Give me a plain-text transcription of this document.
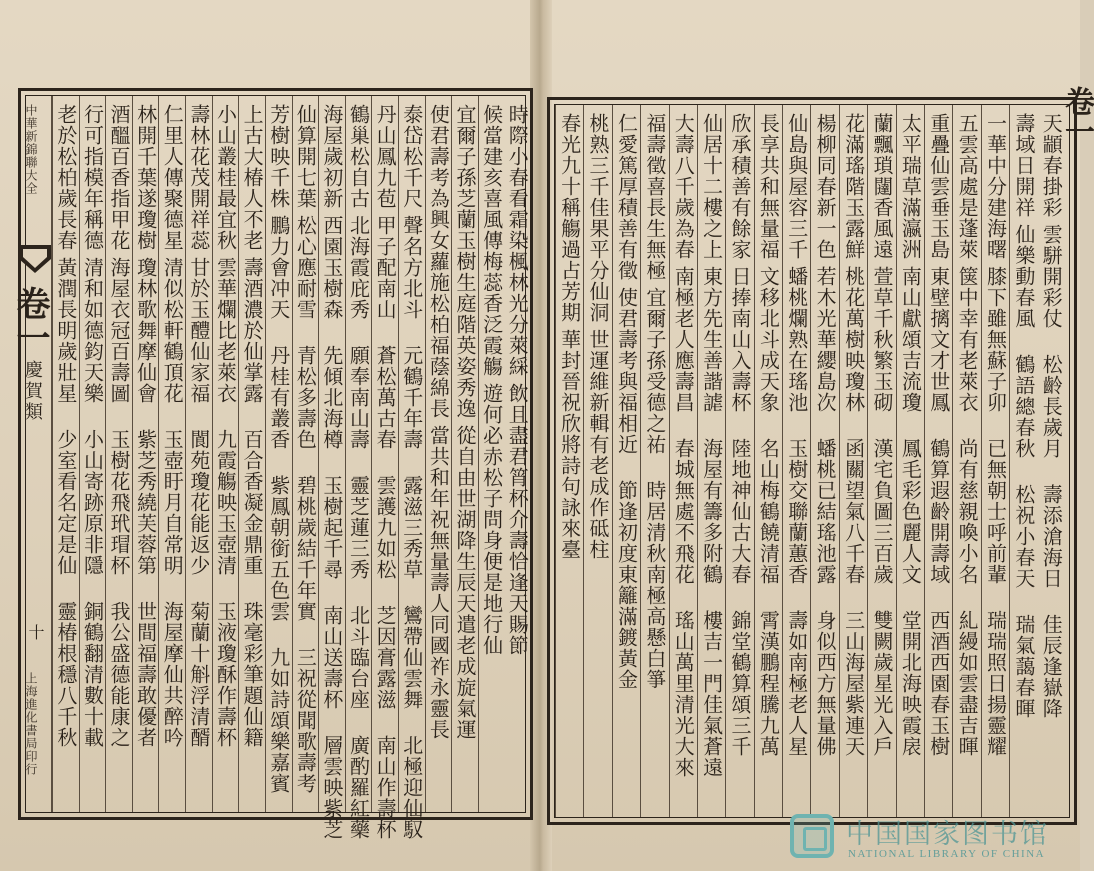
中華新錦聯大全
卷一
慶賀類
十
上海進化書局印行
卷一
天顓春掛彩
雲駢開彩仗 松齡長歲月 壽添滄海日 佳辰逢嶽降
壽域日開祥
仙樂動春風 鶴語總春秋 松祝小春天 瑞氣藹春暉
一華中分建海曙
膝下雖無蘇子卯 已無朝士呼前輩 瑞瑞照日揚靈耀
五雲高處是蓬萊
箧中幸有老萊衣 尚有慈親喚小名 糺縵如雲盡吉暉
重疊仙雲垂玉島
東壁摛文才世鳳 鶴算遐齡開壽域 西酒西園春玉樹
太平瑞草滿瀛洲
南山獻頌吉流瓊 鳳毛彩色麗人文 堂開北海映霞扆
蘭飄瑣闥香風遠
萱草千秋繁玉砌 漢宅負圖三百歲 雙闕歲星光入戶
花滿瑤階玉露鮮
桃花萬樹映瓊林 函關望氣八千春 三山海屋紫連天
楊柳同春新一色
若木光華纓島次 蟠桃已結瑤池露 身似西方無量佛
仙島與屋容三千
蟠桃爛熟在瑤池 玉樹交聯蘭蕙香 壽如南極老人星
長享共和無量福
文移北斗成天象 名山梅鶴饒清福 霄漢鵬程騰九萬
欣承積善有餘家
日捧南山入壽杯 陸地神仙古大春 錦堂鶴算頌三千
仙居十二樓之上
東方先生善諧謔 海屋有籌多附鶴 樓吉一門佳氣蒼遠
大壽八千歲為春
南極老人應壽昌 春城無處不飛花 瑤山萬里清光大來
福壽徵喜長生無極
宜爾子孫受德之祐 時居清秋南極高懸白箏
仁愛篤厚積善有徵
使君壽考與福相近 節逢初度東籬滿鍍黃金
桃熟三千佳果平分仙洞
世運維新輯有老成作砥柱
春光九十稱觴過占芳期
華封晉祝欣將詩句詠來臺
時際小春看霜染楓林光分萊綵
飲且盡君筲杯介壽恰逢天賜節
候當建亥喜風傳梅蕊香泛霞觴
遊何必赤松子問身便是地行仙
宜爾子孫芝蘭玉樹生庭階英姿秀逸
從自由世湖降生辰天遣老成旋氣運
使君壽考為興女蘿施松柏福蔭綿長
當共和年祝無量壽人同國祚永靈長
泰岱松千尺
聲名方北斗 元鶴千年壽 露滋三秀草 鸞帶仙雲舞 北極迎仙馭
丹山鳳九苞
甲子配南山 蒼松萬古春 雲護九如松 芝因膏露滋 南山作壽杯
鶴巢松自古
北海霞庇秀 願奉南山壽 靈芝蓮三秀 北斗臨台座 廣酌羅紅藥
海屋歲初新
西園玉樹森 先傾北海樽 玉樹起千尋 南山送壽杯 層雲映紫芝
仙算開七葉
松心應耐雪 青松多壽色 碧桃歲結千年實 三祝從聞歌壽考
芳樹映千株
鵬力會冲天 丹桂有叢香 紫鳳朝銜五色雲 九如詩頌樂嘉賓
上古大椿人不老
壽酒濃於仙掌露 百合香凝金鼎重 珠毫彩筆題仙籍
小山叢桂最宜秋
雲華爛比老萊衣 九霞觴映玉壺清 玉液瓊酥作壽杯
壽林花茂開祥蕊
甘於玉醴仙家福 閬苑瓊花能返少 菊蘭十斛浮清醑
仁里人傳聚德星
清似松軒鶴頂花 玉壺盱月自常明 海屋摩仙共醉吟
林開千葉遂瓊樹
瓊林歌舞摩仙會 紫芝秀繞芙蓉第 世間福壽敢優者
酒醞百香指甲花
海屋衣冠百壽圖 玉樹花飛玳瑁杯 我公盛德能康之
行可指模年稱德
清和如德鈞天樂 小山寄跡原非隱 銅鶴翻清數十載
老於松柏歲長春
黃潤長明歲壯星 少室看名定是仙 靈椿根穩八千秋
中国国家图书馆
NATIONAL LIBRARY OF CHINA
